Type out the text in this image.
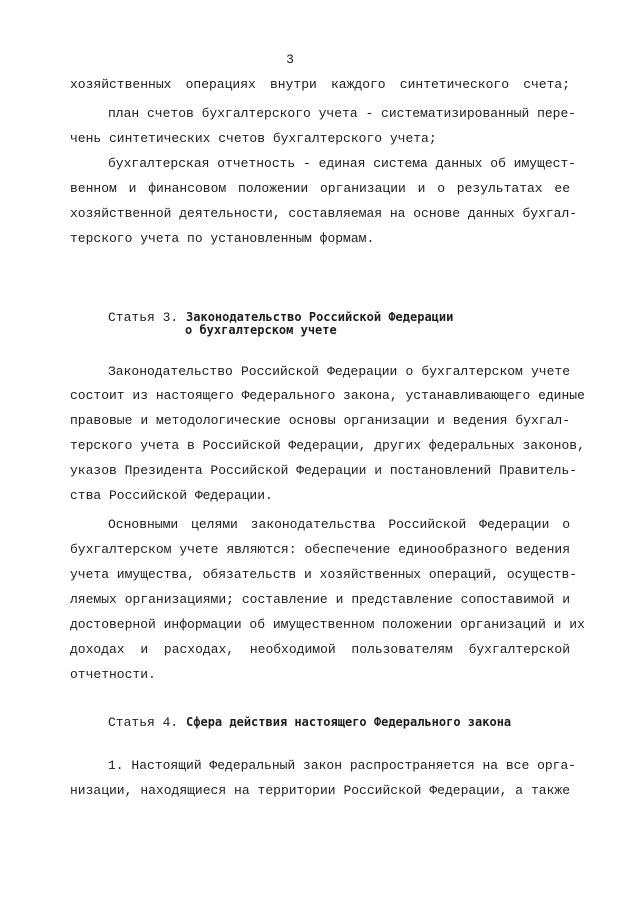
3
хозяйственных операциях внутри каждого синтетического счета;
план счетов бухгалтерского учета - систематизированный пере-
чень синтетических счетов бухгалтерского учета;
бухгалтерская отчетность - единая система данных об имущест-
венном и финансовом положении организации и о результатах ее
хозяйственной деятельности, составляемая на основе данных бухгал-
терского учета по установленным формам.
Статья 3. Законодательство Российской Федерации
о бухгалтерском учете
Законодательство Российской Федерации о бухгалтерском учете
состоит из настоящего Федерального закона, устанавливающего единые
правовые и методологические основы организации и ведения бухгал-
терского учета в Российской Федерации, других федеральных законов,
указов Президента Российской Федерации и постановлений Правитель-
ства Российской Федерации.
Основными целями законодательства Российской Федерации о
бухгалтерском учете являются: обеспечение единообразного ведения
учета имущества, обязательств и хозяйственных операций, осуществ-
ляемых организациями; составление и представление сопоставимой и
достоверной информации об имущественном положении организаций и их
доходах и расходах, необходимой пользователям бухгалтерской
отчетности.
Статья 4. Сфера действия настоящего Федерального закона
1. Настоящий Федеральный закон распространяется на все орга-
низации, находящиеся на территории Российской Федерации, а также
